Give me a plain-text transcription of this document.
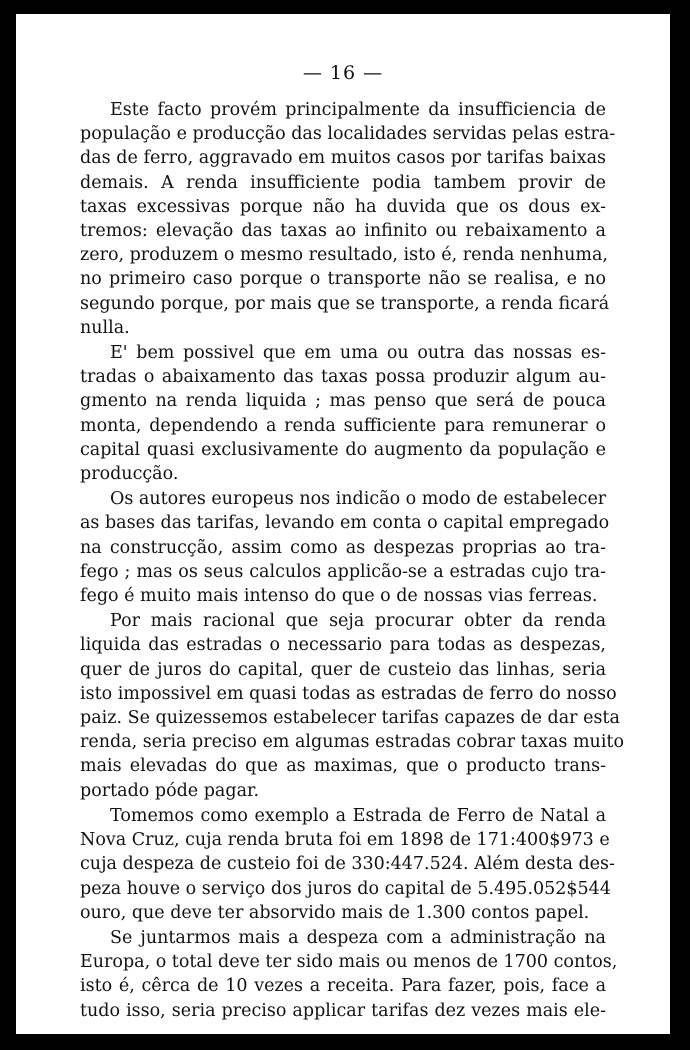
— 16 —
Este facto provém principalmente da insufficiencia de
população e producção das localidades servidas pelas estra-
das de ferro, aggravado em muitos casos por tarifas baixas
demais. A renda insufficiente podia tambem provir de
taxas excessivas porque não ha duvida que os dous ex-
tremos: elevação das taxas ao infinito ou rebaixamento a
zero, produzem o mesmo resultado, isto é, renda nenhuma,
no primeiro caso porque o transporte não se realisa, e no
segundo porque, por mais que se transporte, a renda ficará
nulla.
E' bem possivel que em uma ou outra das nossas es-
tradas o abaixamento das taxas possa produzir algum au-
gmento na renda liquida ; mas penso que será de pouca
monta, dependendo a renda sufficiente para remunerar o
capital quasi exclusivamente do augmento da população e
producção.
Os autores europeus nos indicão o modo de estabelecer
as bases das tarifas, levando em conta o capital empregado
na construcção, assim como as despezas proprias ao tra-
fego ; mas os seus calculos applicão-se a estradas cujo tra-
fego é muito mais intenso do que o de nossas vias ferreas.
Por mais racional que seja procurar obter da renda
liquida das estradas o necessario para todas as despezas,
quer de juros do capital, quer de custeio das linhas, seria
isto impossivel em quasi todas as estradas de ferro do nosso
paiz. Se quizessemos estabelecer tarifas capazes de dar esta
renda, seria preciso em algumas estradas cobrar taxas muito
mais elevadas do que as maximas, que o producto trans-
portado póde pagar.
Tomemos como exemplo a Estrada de Ferro de Natal a
Nova Cruz, cuja renda bruta foi em 1898 de 171:400$973 e
cuja despeza de custeio foi de 330:447.524. Além desta des-
peza houve o serviço dos juros do capital de 5.495.052$544
ouro, que deve ter absorvido mais de 1.300 contos papel.
Se juntarmos mais a despeza com a administração na
Europa, o total deve ter sido mais ou menos de 1700 contos,
isto é, cêrca de 10 vezes a receita. Para fazer, pois, face a
tudo isso, seria preciso applicar tarifas dez vezes mais ele-
